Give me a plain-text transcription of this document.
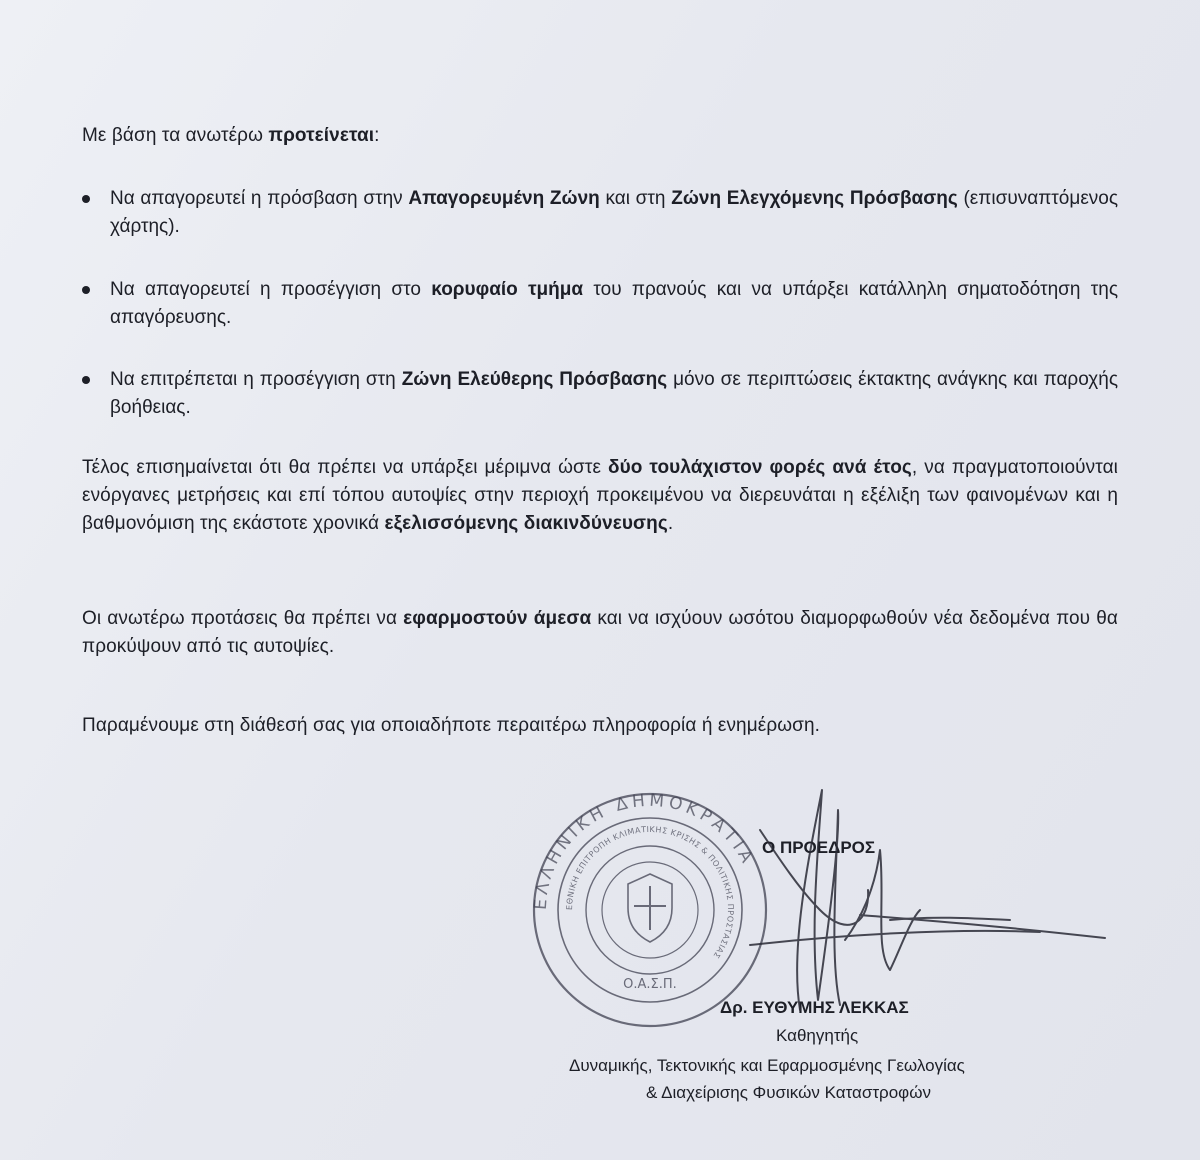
Με βάση τα ανωτέρω προτείνεται:
Να απαγορευτεί η πρόσβαση στην Απαγορευμένη Ζώνη και στη Ζώνη Ελεγχόμενης Πρόσβασης (επισυναπτόμενος χάρτης).
Να απαγορευτεί η προσέγγιση στο κορυφαίο τμήμα του πρανούς και να υπάρξει κατάλληλη σηματοδότηση της απαγόρευσης.
Να επιτρέπεται η προσέγγιση στη Ζώνη Ελεύθερης Πρόσβασης μόνο σε περιπτώσεις έκτακτης ανάγκης και παροχής βοήθειας.
Τέλος επισημαίνεται ότι θα πρέπει να υπάρξει μέριμνα ώστε δύο τουλάχιστον φορές ανά έτος, να πραγματοποιούνται ενόργανες μετρήσεις και επί τόπου αυτοψίες στην περιοχή προκειμένου να διερευνάται η εξέλιξη των φαινομένων και η βαθμονόμιση της εκάστοτε χρονικά εξελισσόμενης διακινδύνευσης.
Οι ανωτέρω προτάσεις θα πρέπει να εφαρμοστούν άμεσα και να ισχύουν ωσότου διαμορφωθούν νέα δεδομένα που θα προκύψουν από τις αυτοψίες.
Παραμένουμε στη διάθεσή σας για οποιαδήποτε περαιτέρω πληροφορία ή ενημέρωση.
ΕΛΛΗΝΙΚΗ ΔΗΜΟΚΡΑΤΙΑ
ΕΘΝΙΚΗ ΕΠΙΤΡΟΠΗ ΚΛΙΜΑΤΙΚΗΣ ΚΡΙΣΗΣ & ΠΟΛΙΤΙΚΗΣ ΠΡΟΣΤΑΣΙΑΣ
Ο.Α.Σ.Π.
Ο ΠΡΟΕΔΡΟΣ
Δρ. ΕΥΘΥΜΗΣ ΛΕΚΚΑΣ
Καθηγητής
Δυναμικής, Τεκτονικής και Εφαρμοσμένης Γεωλογίας
& Διαχείρισης Φυσικών Καταστροφών
